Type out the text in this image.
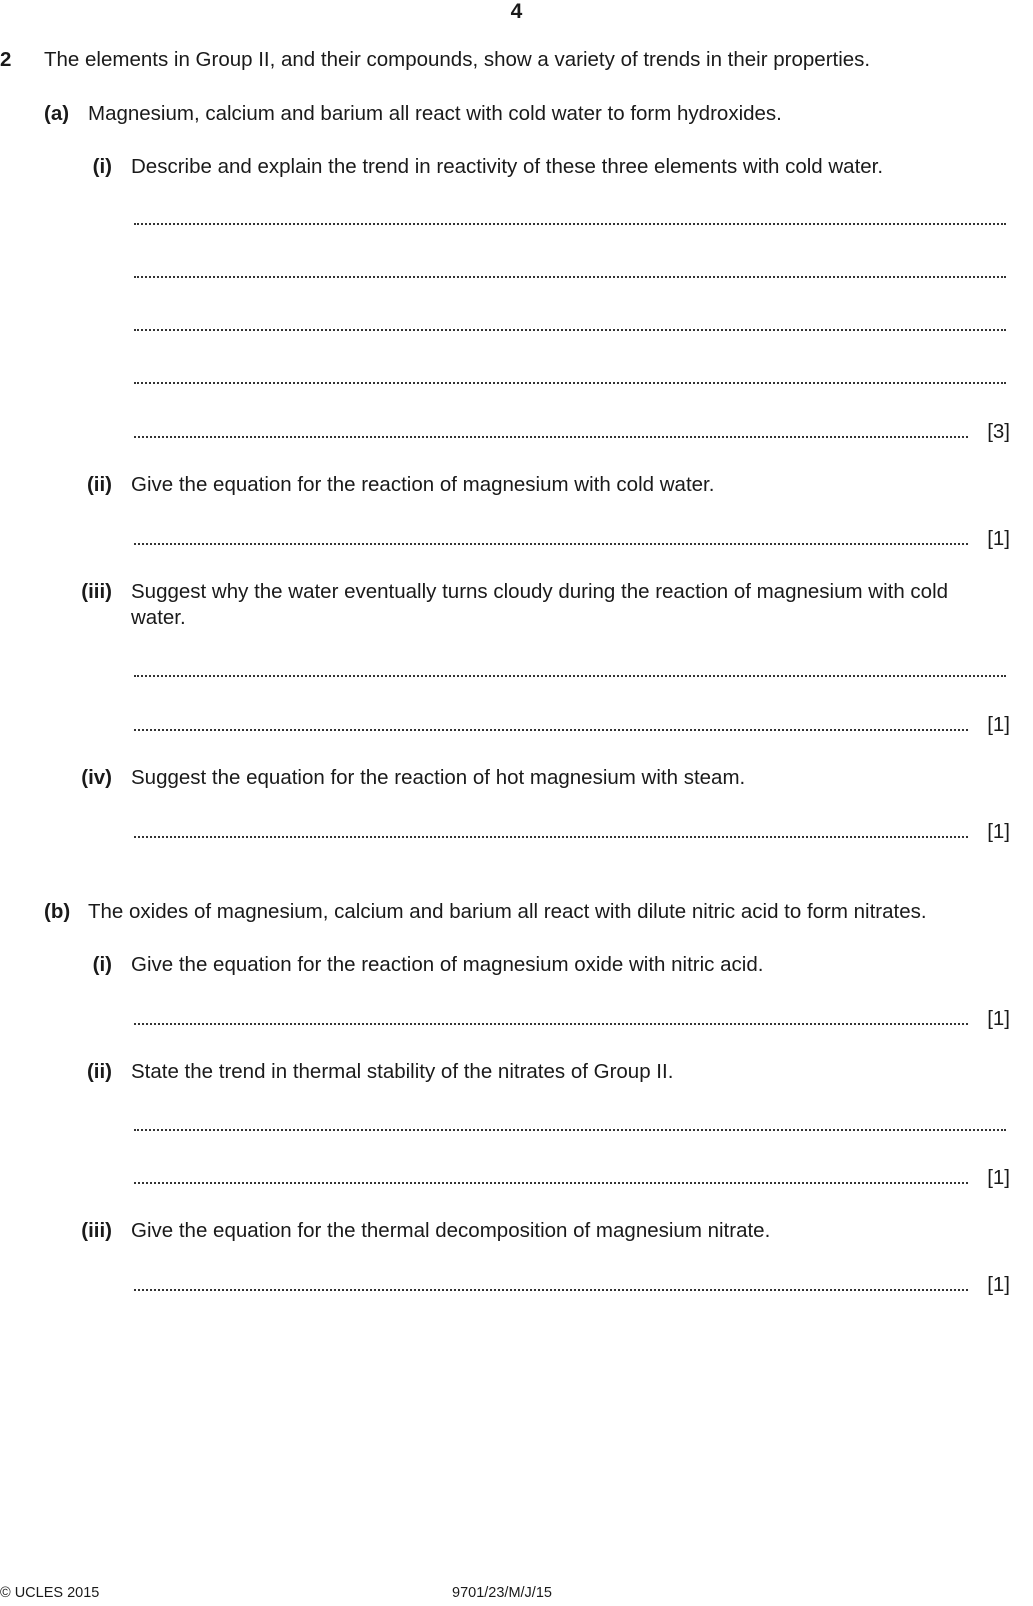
4
2 The elements in Group II, and their compounds, show a variety of trends in their properties.
(a) Magnesium, calcium and barium all react with cold water to form hydroxides.
(i) Describe and explain the trend in reactivity of these three elements with cold water.
[3]
(ii) Give the equation for the reaction of magnesium with cold water.
[1]
(iii) Suggest why the water eventually turns cloudy during the reaction of magnesium with cold
water.
[1]
(iv) Suggest the equation for the reaction of hot magnesium with steam.
[1]
(b) The oxides of magnesium, calcium and barium all react with dilute nitric acid to form nitrates.
(i) Give the equation for the reaction of magnesium oxide with nitric acid.
[1]
(ii) State the trend in thermal stability of the nitrates of Group II.
[1]
(iii) Give the equation for the thermal decomposition of magnesium nitrate.
[1]
© UCLES 2015	9701/23/M/J/15
